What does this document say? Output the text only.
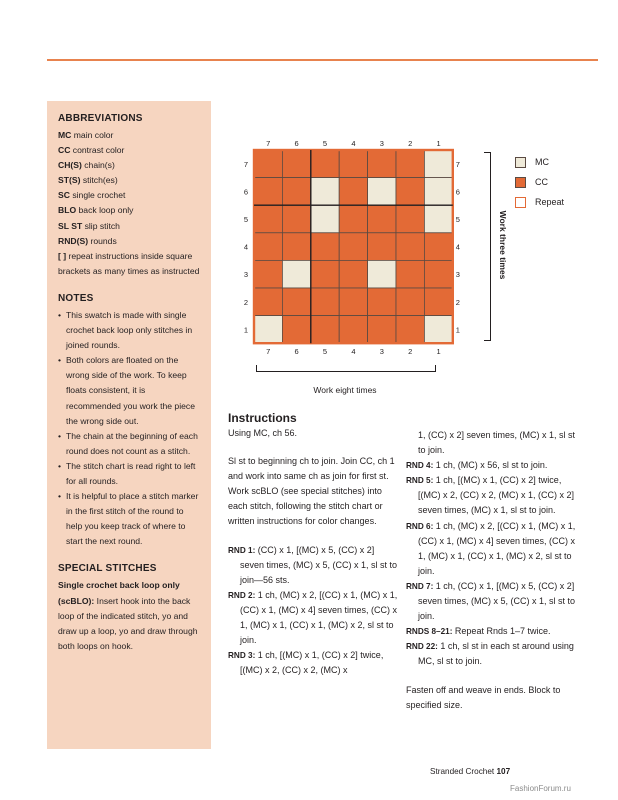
ABBREVIATIONS
MC main color
CC contrast color
CH(S) chain(s)
ST(S) stitch(es)
SC single crochet
BLO back loop only
SL ST slip stitch
RND(S) rounds
[ ] repeat instructions inside square brackets as many times as instructed
NOTES
• This swatch is made with single crochet back loop only stitches in joined rounds.
• Both colors are floated on the wrong side of the work. To keep floats consistent, it is recommended you work the piece the wrong side out.
• The chain at the beginning of each round does not count as a stitch.
• The stitch chart is read right to left for all rounds.
• It is helpful to place a stitch marker in the first stitch of the round to help you keep track of where to start the next round.
SPECIAL STITCHES

Single crochet back loop only (scBLO): Insert hook into the back loop of the indicated stitch, yo and draw up a loop, yo and draw through both loops on hook.

7
7
6
6
5
5
4
4
3
3
2
2
1
1
7	7
6	6
5	5
4	4
3	3
2	2
1	1
Work three times
Work eight times
MC
CC
Repeat
Instructions

Using MC, ch 56.

Sl st to beginning ch to join. Join CC, ch 1 and work into same ch as join for first st. Work scBLO (see special stitches) into each stitch, following the stitch chart or written instructions for color changes.

RND 1: (CC) x 1, [(MC) x 5, (CC) x 2] seven times, (MC) x 5, (CC) x 1, sl st to join—56 sts.

RND 2: 1 ch, (MC) x 2, [(CC) x 1, (MC) x 1, (CC) x 1, (MC) x 4] seven times, (CC) x 1, (MC) x 1, (CC) x 1, (MC) x 2, sl st to join.

RND 3: 1 ch, [(MC) x 1, (CC) x 2] twice, [(MC) x 2, (CC) x 2, (MC) x

1, (CC) x 2] seven times, (MC) x 1, sl st to join.

RND 4: 1 ch, (MC) x 56, sl st to join.

RND 5: 1 ch, [(MC) x 1, (CC) x 2] twice, [(MC) x 2, (CC) x 2, (MC) x 1, (CC) x 2] seven times, (MC) x 1, sl st to join.

RND 6: 1 ch, (MC) x 2, [(CC) x 1, (MC) x 1, (CC) x 1, (MC) x 4] seven times, (CC) x 1, (MC) x 1, (CC) x 1, (MC) x 2, sl st to join.

RND 7: 1 ch, (CC) x 1, [(MC) x 5, (CC) x 2] seven times, (MC) x 5, (CC) x 1, sl st to join.

RNDS 8–21: Repeat Rnds 1–7 twice.

RND 22: 1 ch, sl st in each st around using MC, sl st to join.

Fasten off and weave in ends. Block to specified size.

Stranded Crochet 107
FashionForum.ru
